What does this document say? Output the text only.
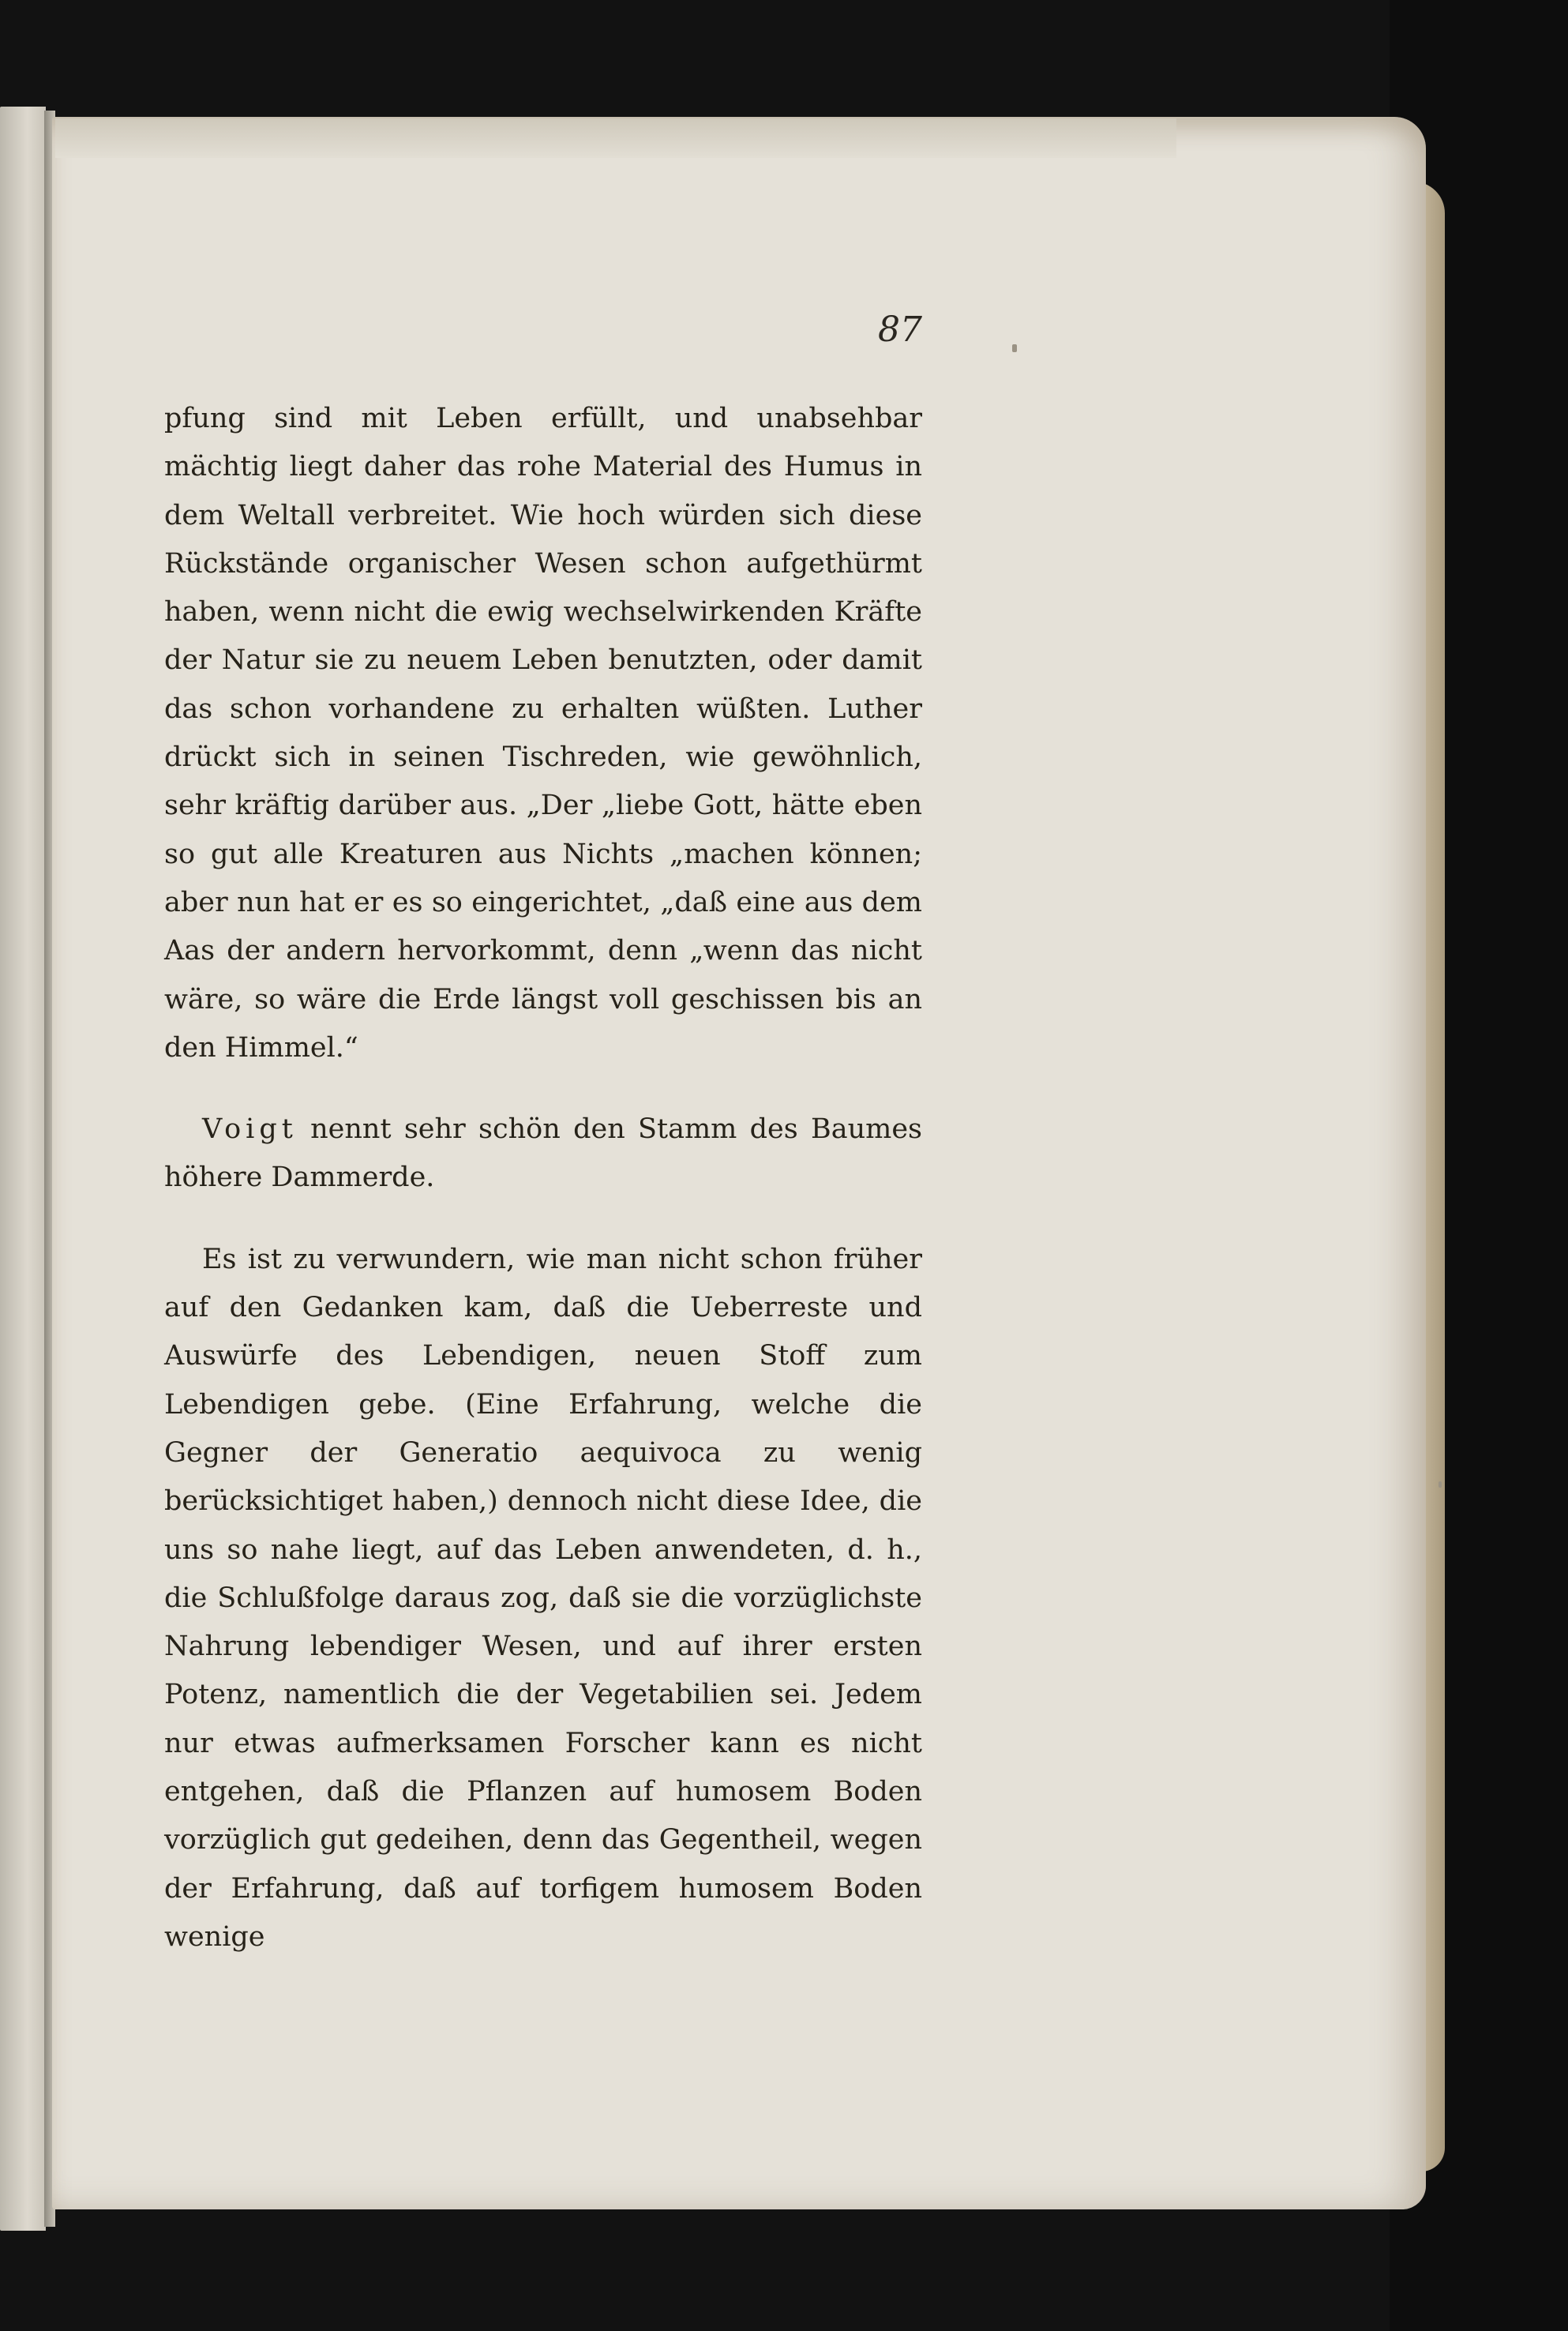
87

pfung sind mit Leben erfüllt, und unabsehbar mächtig liegt daher das rohe Material des Humus in dem Weltall verbreitet. Wie hoch würden sich diese Rückstände organischer Wesen schon aufgethürmt haben, wenn nicht die ewig wechselwirkenden Kräfte der Natur sie zu neuem Leben benutzten, oder damit das schon vorhandene zu erhalten wüßten. Luther drückt sich in seinen Tischreden, wie gewöhnlich, sehr kräftig darüber aus. „Der „liebe Gott, hätte eben so gut alle Kreaturen aus Nichts „machen können; aber nun hat er es so eingerichtet, „daß eine aus dem Aas der andern hervorkommt, denn „wenn das nicht wäre, so wäre die Erde längst voll geschissen bis an den Himmel.“

Voigt nennt sehr schön den Stamm des Baumes höhere Dammerde.

Es ist zu verwundern, wie man nicht schon früher auf den Gedanken kam, daß die Ueberreste und Auswürfe des Lebendigen, neuen Stoff zum Lebendigen gebe. (Eine Erfahrung, welche die Gegner der Generatio aequivoca zu wenig berücksichtiget haben,) dennoch nicht diese Idee, die uns so nahe liegt, auf das Leben anwendeten, d. h., die Schlußfolge daraus zog, daß sie die vorzüglichste Nahrung lebendiger Wesen, und auf ihrer ersten Potenz, namentlich die der Vegetabilien sei. Jedem nur etwas aufmerksamen Forscher kann es nicht entgehen, daß die Pflanzen auf humosem Boden vorzüglich gut gedeihen, denn das Gegentheil, wegen der Erfahrung, daß auf torfigem humosem Boden wenige
